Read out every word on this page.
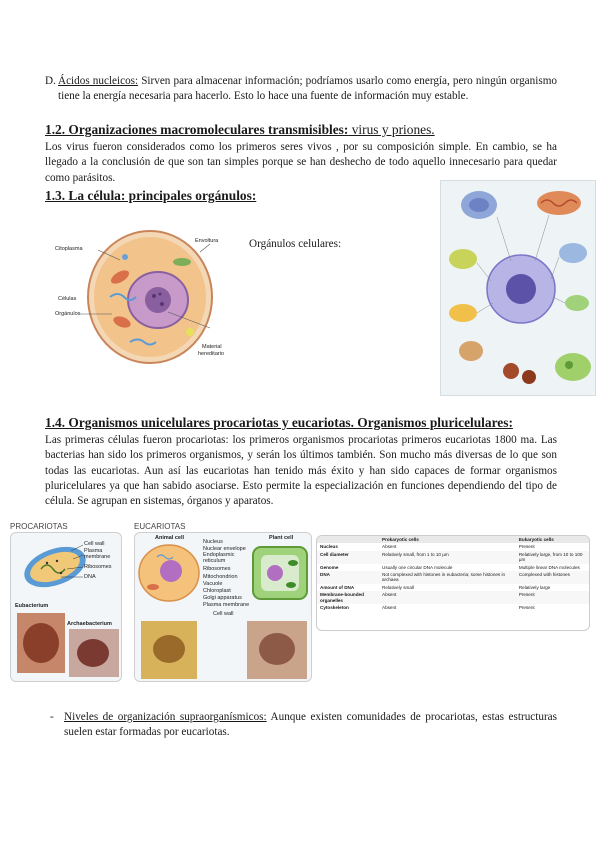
D. Ácidos nucleicos: Sirven para almacenar información; podríamos usarlo como energía, pero ningún organismo tiene la energía necesaria para hacerlo. Esto lo hace una fuente de información muy estable.
1.2. Organizaciones macromoleculares transmisibles: virus y priones.
Los virus fueron considerados como los primeros seres vivos , por su composición simple. En cambio, se ha llegado a la conclusión de que son tan simples porque se han deshecho de todo aquello innecesario para quedar como parásitos.
1.3. La célula: principales orgánulos:
Citoplasma
Envoltura
Células
Orgánulos
Material
hereditario
Orgánulos celulares:
1.4. Organismos unicelulares procariotas y eucariotas. Organismos pluricelulares:
Las primeras células fueron procariotas: los primeros organismos procariotas primeros eucariotas 1800 ma. Las bacterias han sido los primeros organismos, y serán los últimos también. Son mucho más diversas de lo que son todas las eucariotas. Aun así las eucariotas han tenido más éxito y han sido capaces de formar organismos pluricelulares ya que han sabido asociarse. Esto permite la especialización en funciones dependiendo del tipo de célula. Se agrupan en sistemas, órganos y aparatos.
PROCARIOTAS
Cell wall
Plasma membrane
Ribosomes
DNA
Eubacterium
Archaebacterium
EUCARIOTAS
Animal cell	Plant cell
Nucleus
Nuclear envelope
Endoplasmic reticulum
Ribosomes
Mitochondrion
Vacuole
Chloroplast
Golgi apparatus
Plasma membrane
Cell wall
	Prokaryotic cells	Eukaryotic cells
Nucleus	Absent	Present
Cell diameter	Relatively small, from 1 to 10 μm	Relatively large, from 10 to 100 μm
Genome	Usually one circular DNA molecule	Multiple linear DNA molecules
DNA	Not complexed with histones in eubacteria; some histones in archaea	Complexed with histones
Amount of DNA	Relatively small	Relatively large
Membrane-bounded organelles	Absent	Present
Cytoskeleton	Absent	Present
- Niveles de organización supraorganísmicos: Aunque existen comunidades de procariotas, estas estructuras suelen estar formadas por eucariotas.
